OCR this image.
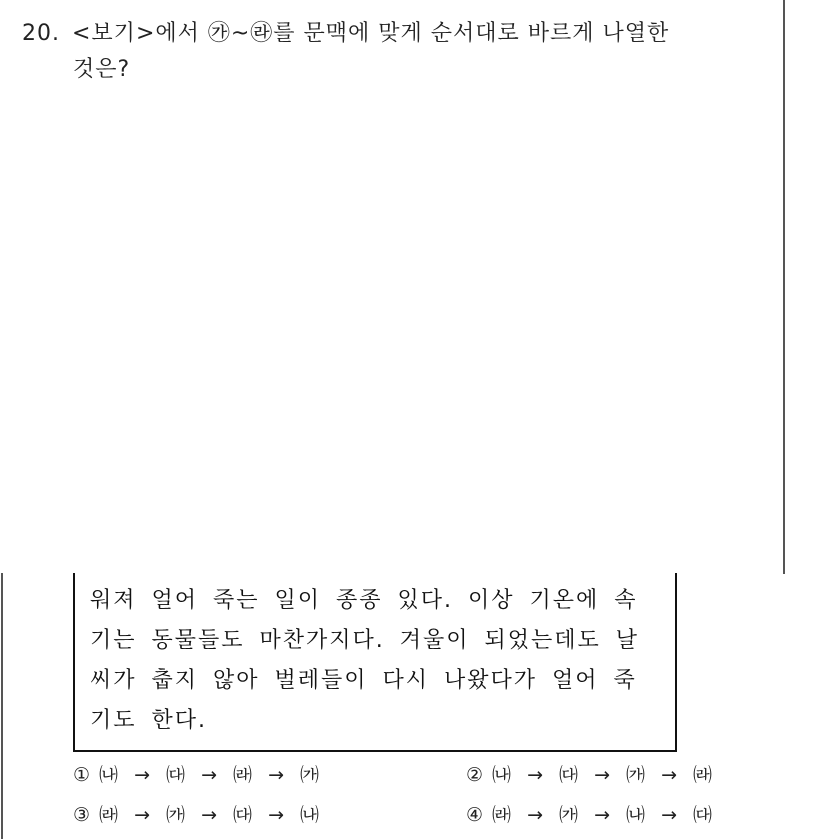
20. <보기>에서 ㉮~㉱를 문맥에 맞게 순서대로 바르게 나열한
것은?
워져 얼어 죽는 일이 종종 있다. 이상 기온에 속
기는 동물들도 마찬가지다. 겨울이 되었는데도 날
씨가 춥지 않아 벌레들이 다시 나왔다가 얼어 죽
기도 한다.
① ㈏ → ㈐ → ㈑ → ㈎	② ㈏ → ㈐ → ㈎ → ㈑
③ ㈑ → ㈎ → ㈐ → ㈏	④ ㈑ → ㈎ → ㈏ → ㈐
